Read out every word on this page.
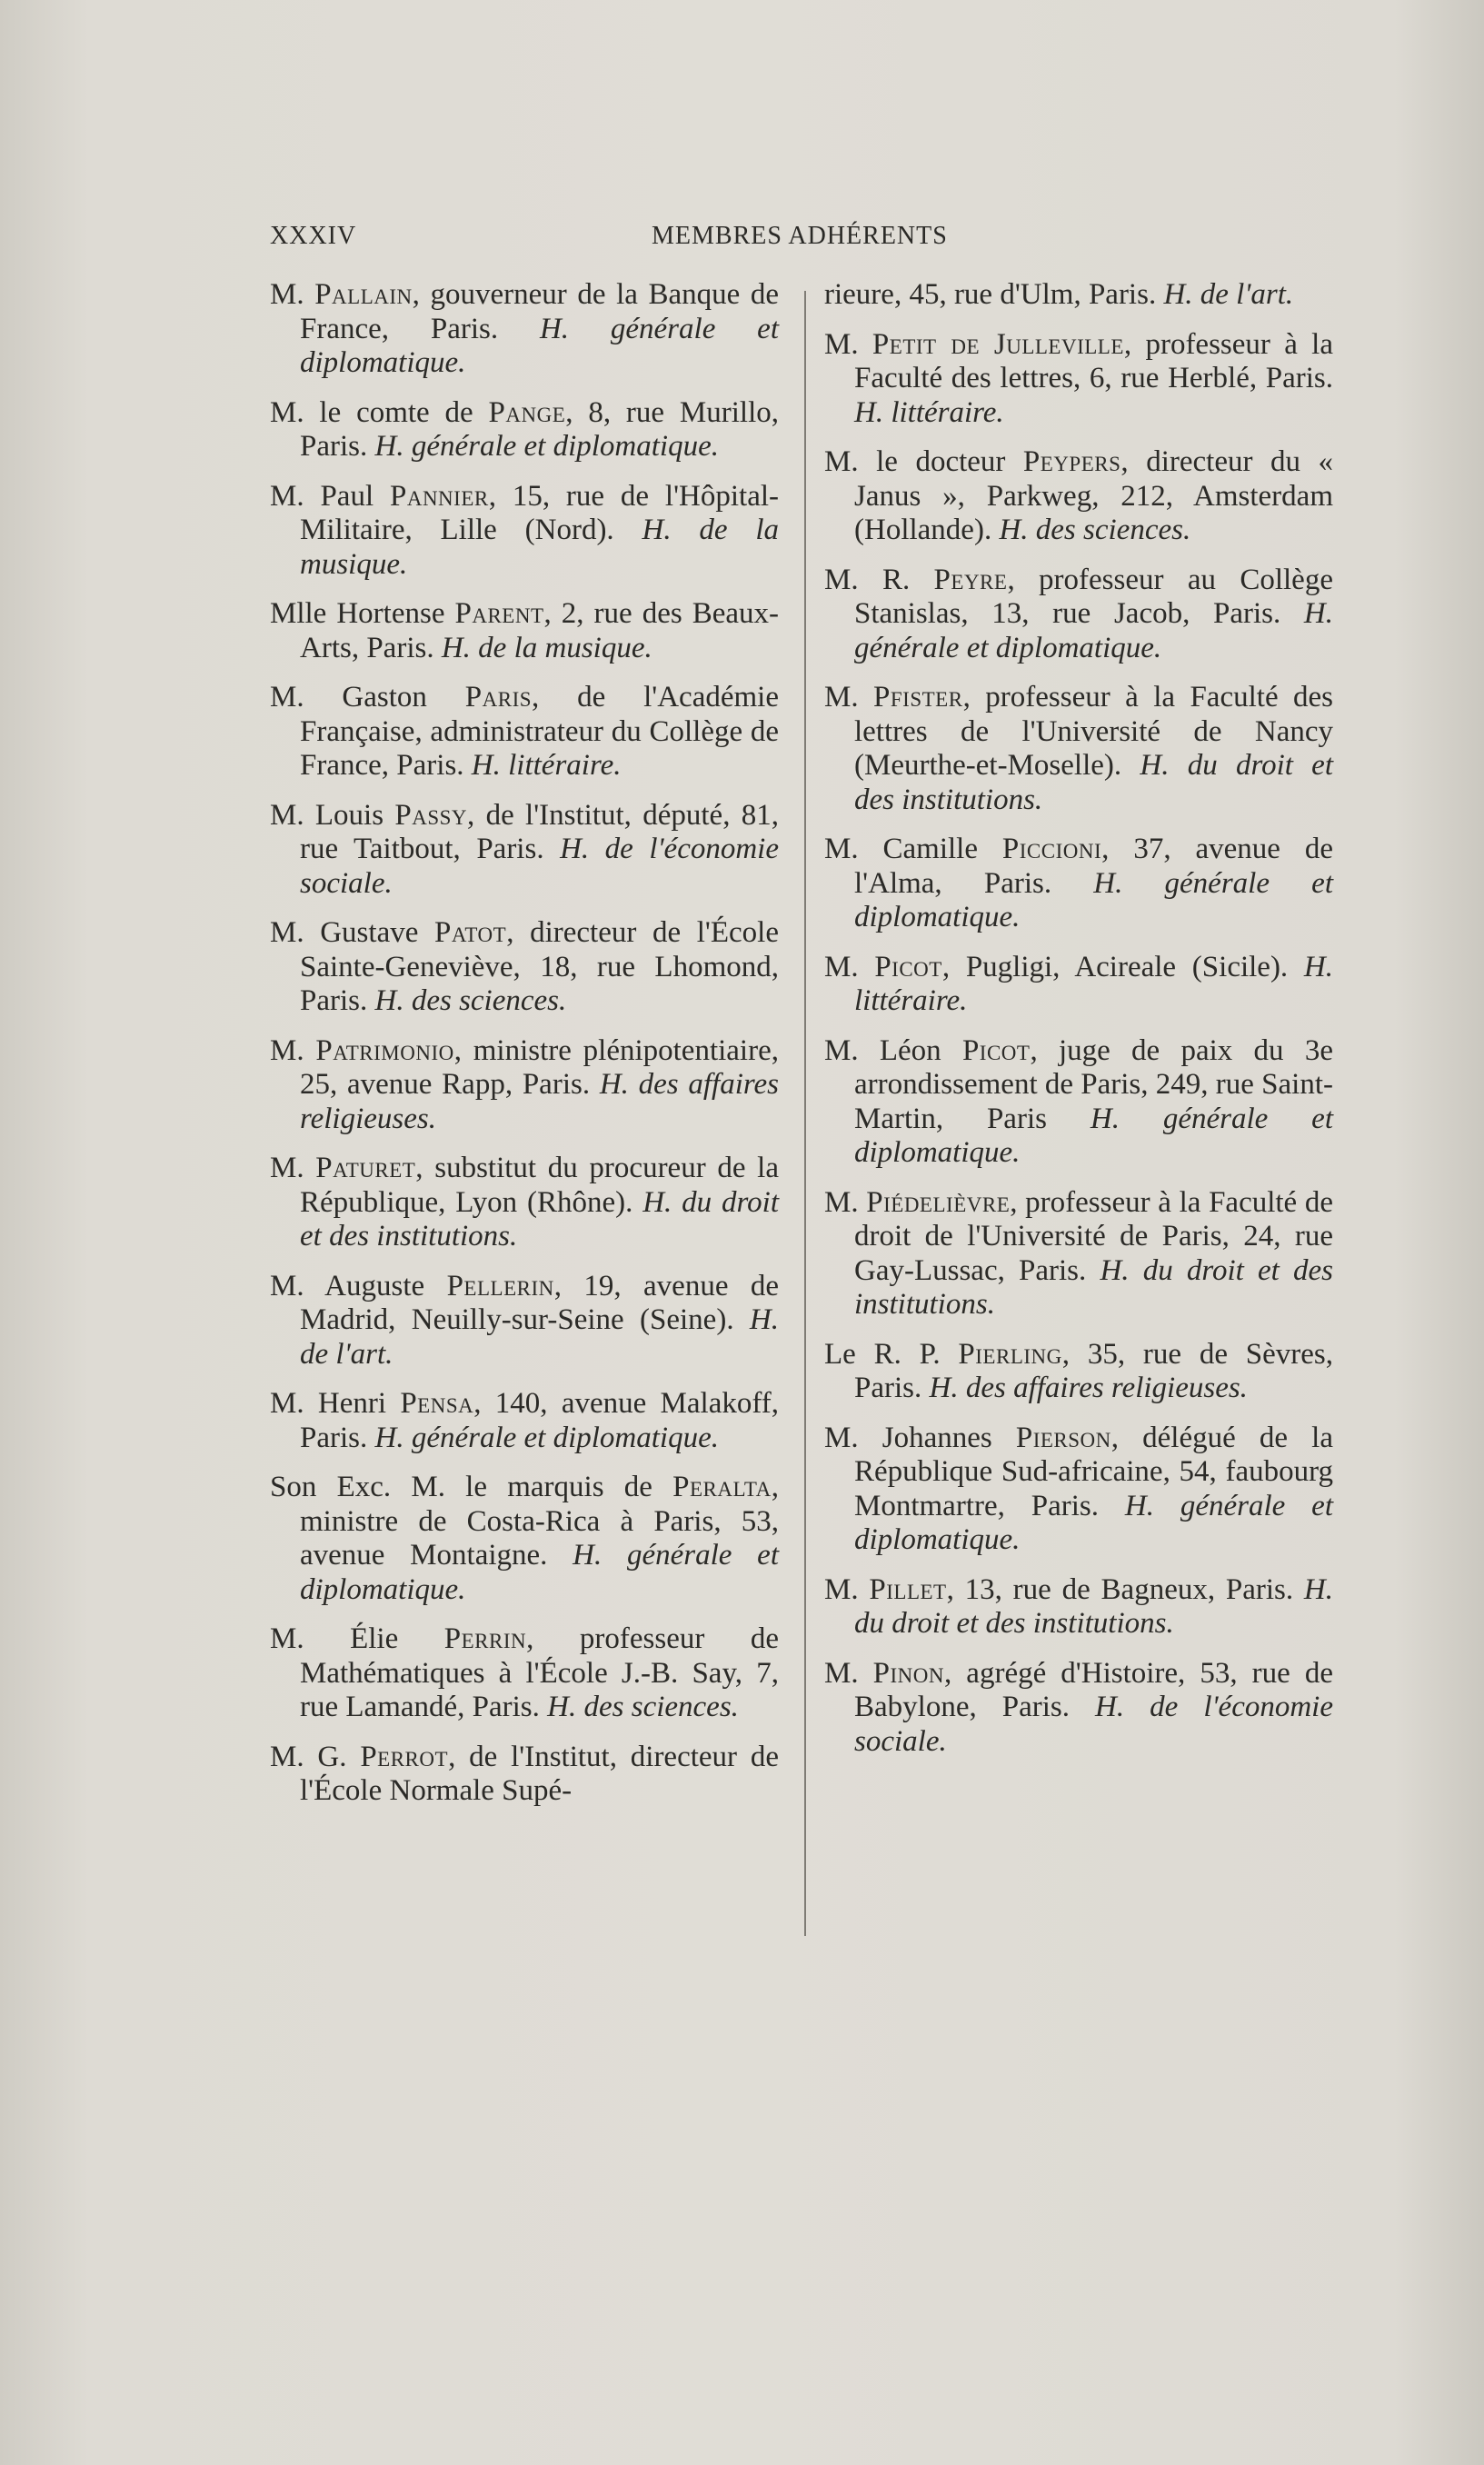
XXXIV	MEMBRES ADHÉRENTS

M. Pallain, gouverneur de la Banque de France, Paris. H. générale et diplomatique.

M. le comte de Pange, 8, rue Murillo, Paris. H. générale et diplomatique.

M. Paul Pannier, 15, rue de l'Hôpital-Militaire, Lille (Nord). H. de la musique.

Mlle Hortense Parent, 2, rue des Beaux-Arts, Paris. H. de la musique.

M. Gaston Paris, de l'Académie Française, administrateur du Collège de France, Paris. H. littéraire.

M. Louis Passy, de l'Institut, député, 81, rue Taitbout, Paris. H. de l'économie sociale.

M. Gustave Patot, directeur de l'École Sainte-Geneviève, 18, rue Lhomond, Paris. H. des sciences.

M. Patrimonio, ministre plénipotentiaire, 25, avenue Rapp, Paris. H. des affaires religieuses.

M. Paturet, substitut du procureur de la République, Lyon (Rhône). H. du droit et des institutions.

M. Auguste Pellerin, 19, avenue de Madrid, Neuilly-sur-Seine (Seine). H. de l'art.

M. Henri Pensa, 140, avenue Malakoff, Paris. H. générale et diplomatique.

Son Exc. M. le marquis de Peralta, ministre de Costa-Rica à Paris, 53, avenue Montaigne. H. générale et diplomatique.

M. Élie Perrin, professeur de Mathématiques à l'École J.-B. Say, 7, rue Lamandé, Paris. H. des sciences.

M. G. Perrot, de l'Institut, directeur de l'École Normale Supé-

rieure, 45, rue d'Ulm, Paris. H. de l'art.

M. Petit de Julleville, professeur à la Faculté des lettres, 6, rue Herblé, Paris. H. littéraire.

M. le docteur Peypers, directeur du « Janus », Parkweg, 212, Amsterdam (Hollande). H. des sciences.

M. R. Peyre, professeur au Collège Stanislas, 13, rue Jacob, Paris. H. générale et diplomatique.

M. Pfister, professeur à la Faculté des lettres de l'Université de Nancy (Meurthe-et-Moselle). H. du droit et des institutions.

M. Camille Piccioni, 37, avenue de l'Alma, Paris. H. générale et diplomatique.

M. Picot, Pugligi, Acireale (Sicile). H. littéraire.

M. Léon Picot, juge de paix du 3e arrondissement de Paris, 249, rue Saint-Martin, Paris H. générale et diplomatique.

M. Piédelièvre, professeur à la Faculté de droit de l'Université de Paris, 24, rue Gay-Lussac, Paris. H. du droit et des institutions.

Le R. P. Pierling, 35, rue de Sèvres, Paris. H. des affaires religieuses.

M. Johannes Pierson, délégué de la République Sud-africaine, 54, faubourg Montmartre, Paris. H. générale et diplomatique.

M. Pillet, 13, rue de Bagneux, Paris. H. du droit et des institutions.

M. Pinon, agrégé d'Histoire, 53, rue de Babylone, Paris. H. de l'économie sociale.
